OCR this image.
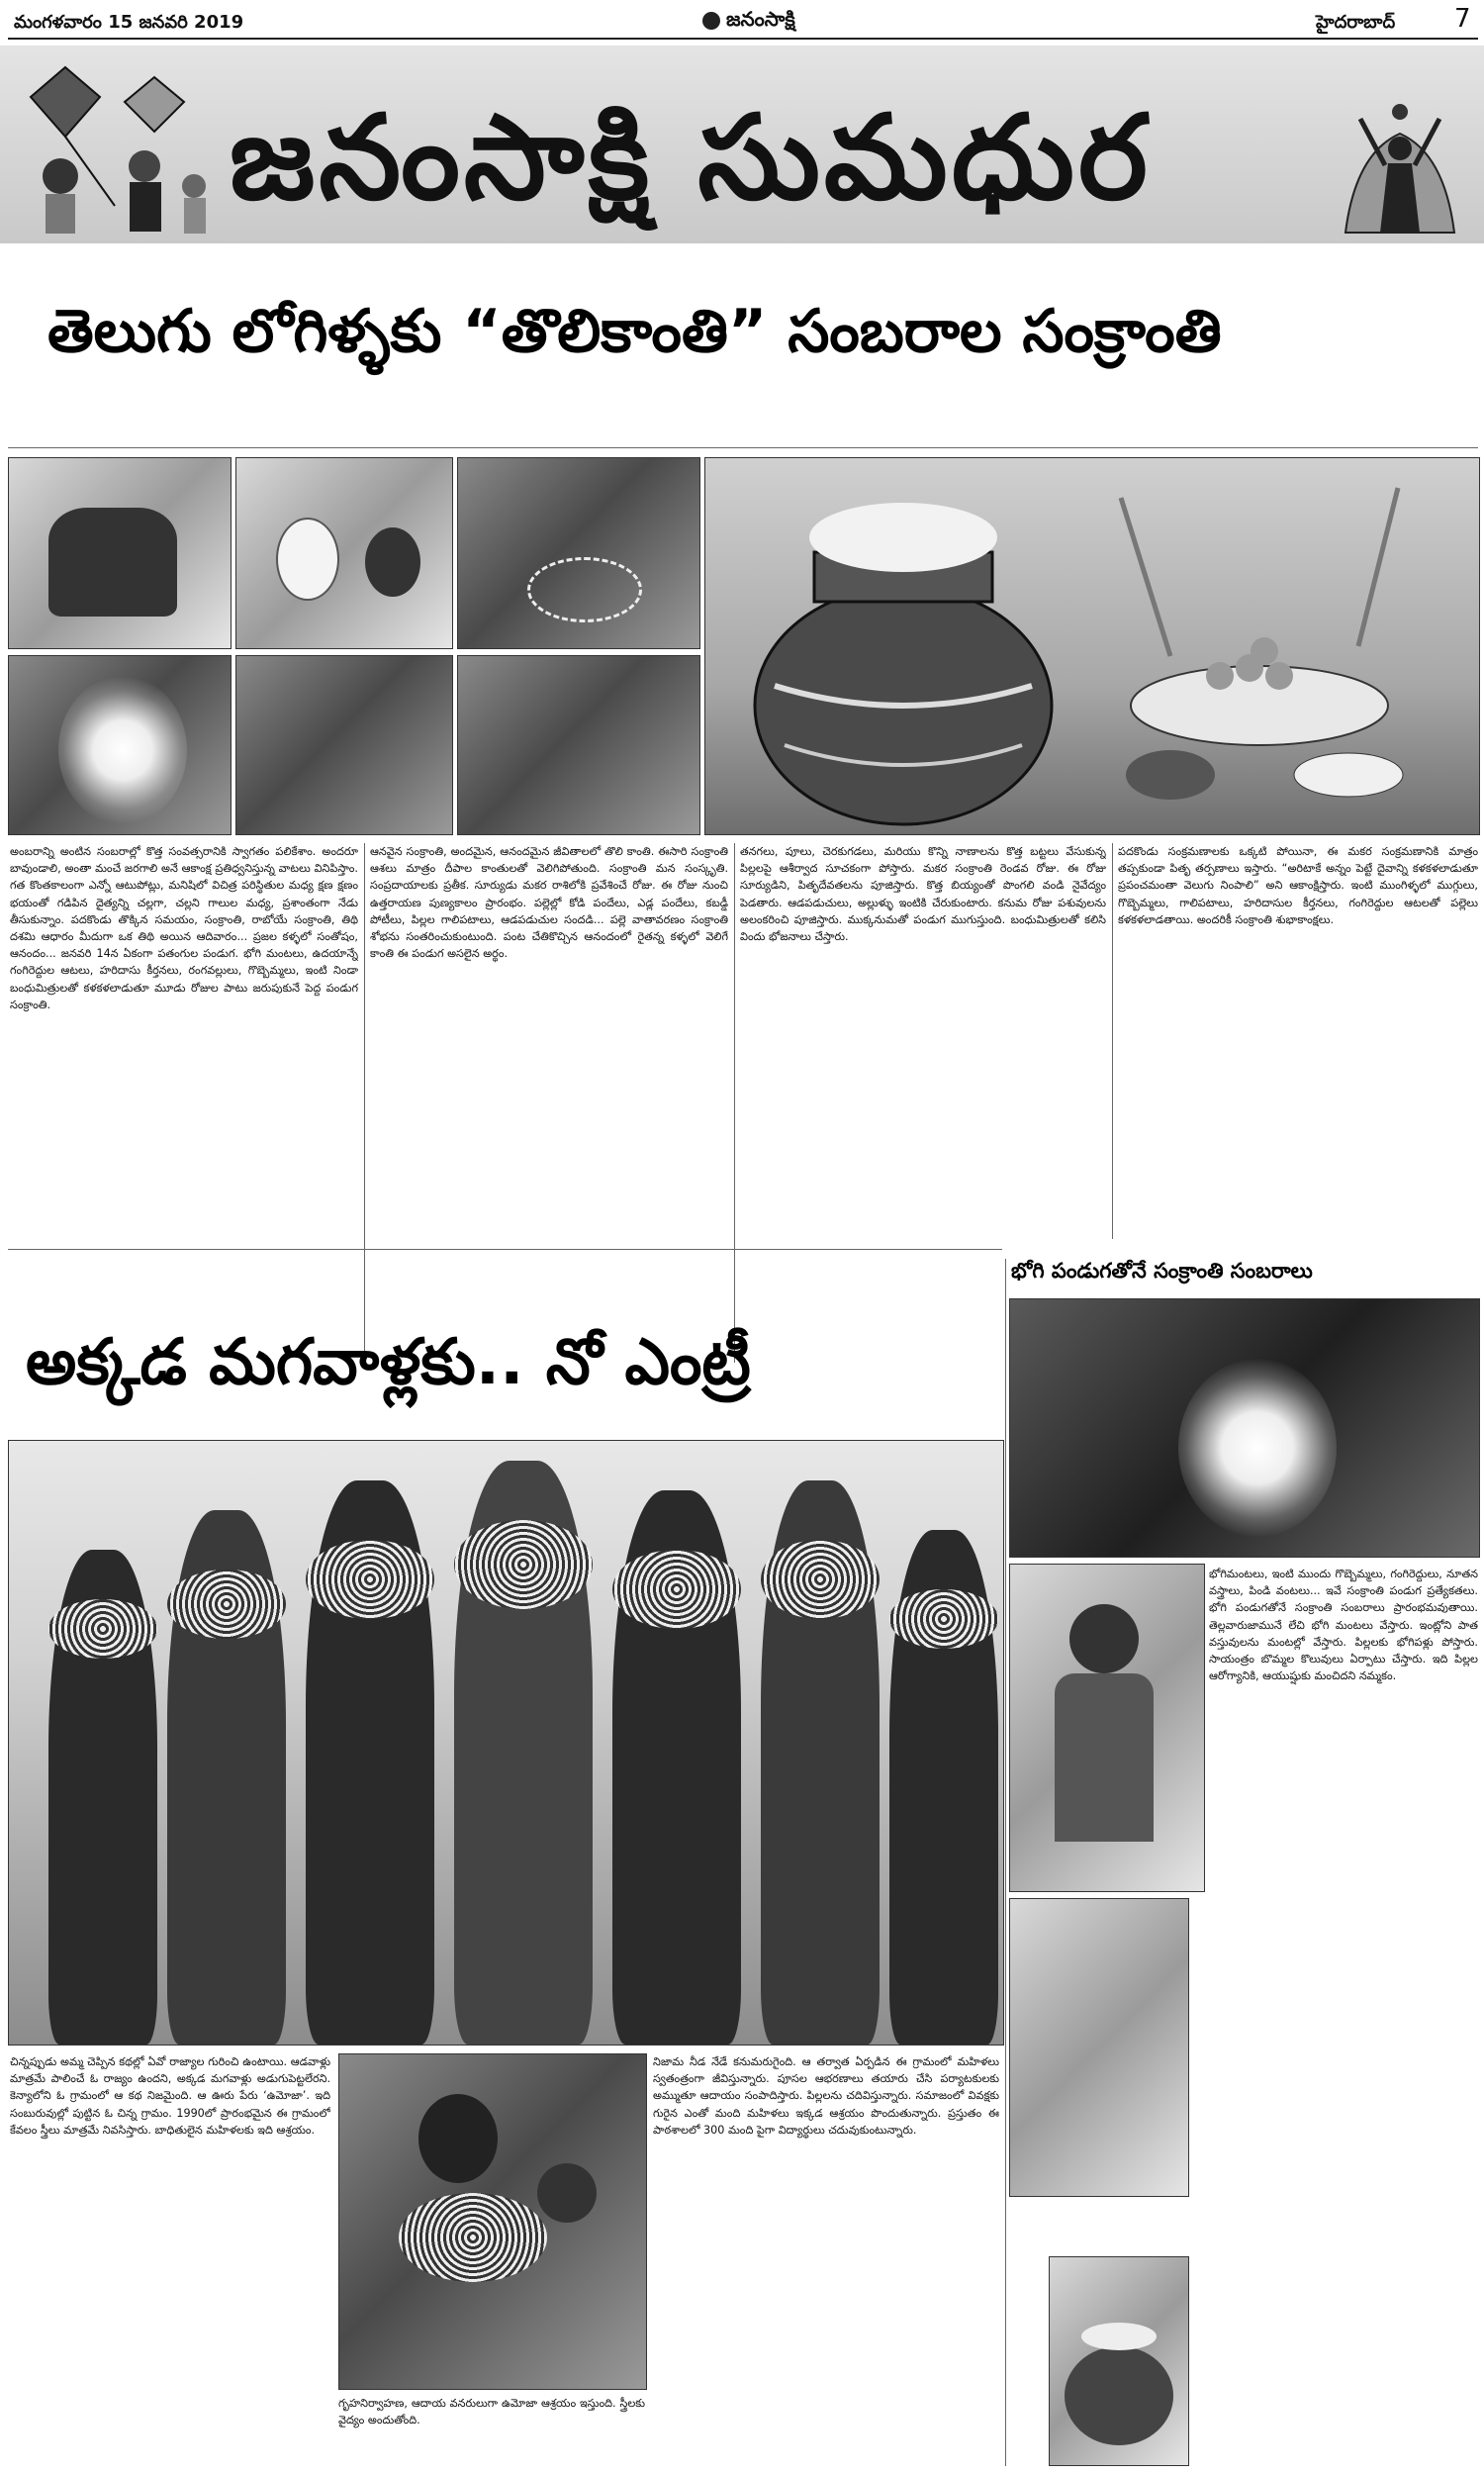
మంగళవారం 15 జనవరి 2019	జనంసాక్షి	హైదరాబాద్ 7
జనంసాక్షి సుమధుర
తెలుగు లోగిళ్ళకు “తొలికాంతి” సంబరాల సంక్రాంతి
అంబరాన్ని అంటిన సంబరాల్లో కొత్త సంవత్సరానికి స్వాగతం పలికేశాం. అందరూ బావుండాలి, అంతా మంచే జరగాలి అనే ఆకాంక్ష ప్రతిధ్వనిస్తున్న వాటలు వినిపిస్తాం. గత కొంతకాలంగా ఎన్నో ఆటుపోట్లు, మనిషిలో విచిత్ర పరిస్థితుల మధ్య క్షణ క్షణం భయంతో గడిపిన దైత్యన్ని చల్లగా, చల్లని గాలుల మధ్య, ప్రశాంతంగా నేడు తీసుకున్నాం. పదకొండు తొక్కిన సమయం, సంక్రాంతి, రాబోయే సంక్రాంతి, తిథి దశమి ఆధారం మీదుగా ఒక తిథి అయిన ఆదివారం... ప్రజల కళ్ళలో సంతోషం, ఆనందం... జనవరి 14న ఏకంగా పతంగుల పండుగ. భోగి మంటలు, ఉదయాన్నే గంగిరెద్దుల ఆటలు, హరిదాసు కీర్తనలు, రంగవల్లులు, గొబ్బెమ్మలు, ఇంటి నిండా బంధుమిత్రులతో కళకళలాడుతూ మూడు రోజుల పాటు జరుపుకునే పెద్ద పండుగ సంక్రాంతి.
ఆనవైన సంక్రాంతి, అందమైన, ఆనందమైన జీవితాలలో తొలి కాంతి. ఈసారి సంక్రాంతి ఆశలు మాత్రం దీపాల కాంతులతో వెలిగిపోతుంది. సంక్రాంతి మన సంస్కృతి. సంప్రదాయాలకు ప్రతీక. సూర్యుడు మకర రాశిలోకి ప్రవేశించే రోజు. ఈ రోజు నుంచి ఉత్తరాయణ పుణ్యకాలం ప్రారంభం. పల్లెల్లో కోడి పందేలు, ఎడ్ల పందేలు, కబడ్డీ పోటీలు, పిల్లల గాలిపటాలు, ఆడపడుచుల సందడి... పల్లె వాతావరణం సంక్రాంతి శోభను సంతరించుకుంటుంది. పంట చేతికొచ్చిన ఆనందంలో రైతన్న కళ్ళలో వెలిగే కాంతి ఈ పండుగ అసలైన అర్థం.
తనగలు, పూలు, చెరకుగడలు, మరియు కొన్ని నాణాలను కొత్త బట్టలు వేసుకున్న పిల్లలపై ఆశీర్వాద సూచకంగా పోస్తారు. మకర సంక్రాంతి రెండవ రోజు. ఈ రోజు సూర్యుడిని, పితృదేవతలను పూజిస్తారు. కొత్త బియ్యంతో పొంగలి వండి నైవేద్యం పెడతారు. ఆడపడుచులు, అల్లుళ్ళు ఇంటికి చేరుకుంటారు. కనుమ రోజు పశువులను అలంకరించి పూజిస్తారు. ముక్కనుమతో పండుగ ముగుస్తుంది. బంధుమిత్రులతో కలిసి విందు భోజనాలు చేస్తారు.
పదకొండు సంక్రమణాలకు ఒక్కటి పోయినా, ఈ మకర సంక్రమణానికి మాత్రం తప్పకుండా పితృ తర్పణాలు ఇస్తారు. “అరిటాకే అన్నం పెట్టే దైవాన్ని కళకళలాడుతూ ప్రపంచమంతా వెలుగు నింపాలి” అని ఆకాంక్షిస్తారు. ఇంటి ముంగిళ్ళలో ముగ్గులు, గొబ్బెమ్మలు, గాలిపటాలు, హరిదాసుల కీర్తనలు, గంగిరెద్దుల ఆటలతో పల్లెలు కళకళలాడతాయి. అందరికీ సంక్రాంతి శుభాకాంక్షలు.
భోగి పండుగతోనే సంక్రాంతి సంబరాలు
అక్కడ మగవాళ్లకు.. నో ఎంట్రీ
భోగిమంటలు, ఇంటి ముందు గొబ్బెమ్మలు, గంగిరెద్దులు, నూతన వస్త్రాలు, పిండి వంటలు... ఇవే సంక్రాంతి పండుగ ప్రత్యేకతలు. భోగి పండుగతోనే సంక్రాంతి సంబరాలు ప్రారంభమవుతాయి. తెల్లవారుజామునే లేచి భోగి మంటలు వేస్తారు. ఇంట్లోని పాత వస్తువులను మంటల్లో వేస్తారు. పిల్లలకు భోగిపళ్లు పోస్తారు. సాయంత్రం బొమ్మల కొలువులు ఏర్పాటు చేస్తారు. ఇది పిల్లల ఆరోగ్యానికి, ఆయుష్షుకు మంచిదని నమ్మకం.
చిన్నప్పుడు అమ్మ చెప్పిన కథల్లో ఏవో రాజ్యాల గురించి ఉంటాయి. ఆడవాళ్లు మాత్రమే పాలించే ఓ రాజ్యం ఉందని, అక్కడ మగవాళ్లు అడుగుపెట్టలేరని. కెన్యాలోని ఓ గ్రామంలో ఆ కథ నిజమైంది. ఆ ఊరు పేరు ‘ఉమోజా’. ఇది సంబురువుల్లో పుట్టిన ఓ చిన్న గ్రామం. 1990లో ప్రారంభమైన ఈ గ్రామంలో కేవలం స్త్రీలు మాత్రమే నివసిస్తారు. బాధితులైన మహిళలకు ఇది ఆశ్రయం.
గృహనిర్వాహణ, ఆదాయ వనరులుగా ఉమోజా ఆశ్రయం ఇస్తుంది. స్త్రీలకు వైద్యం అందుతోంది.
నిజామ నీడ నేడే కనుమరుగైంది. ఆ తర్వాత ఏర్పడిన ఈ గ్రామంలో మహిళలు స్వతంత్రంగా జీవిస్తున్నారు. పూసల ఆభరణాలు తయారు చేసి పర్యాటకులకు అమ్ముతూ ఆదాయం సంపాదిస్తారు. పిల్లలను చదివిస్తున్నారు. సమాజంలో వివక్షకు గురైన ఎంతో మంది మహిళలు ఇక్కడ ఆశ్రయం పొందుతున్నారు. ప్రస్తుతం ఈ పాఠశాలలో 300 మంది పైగా విద్యార్థులు చదువుకుంటున్నారు.
